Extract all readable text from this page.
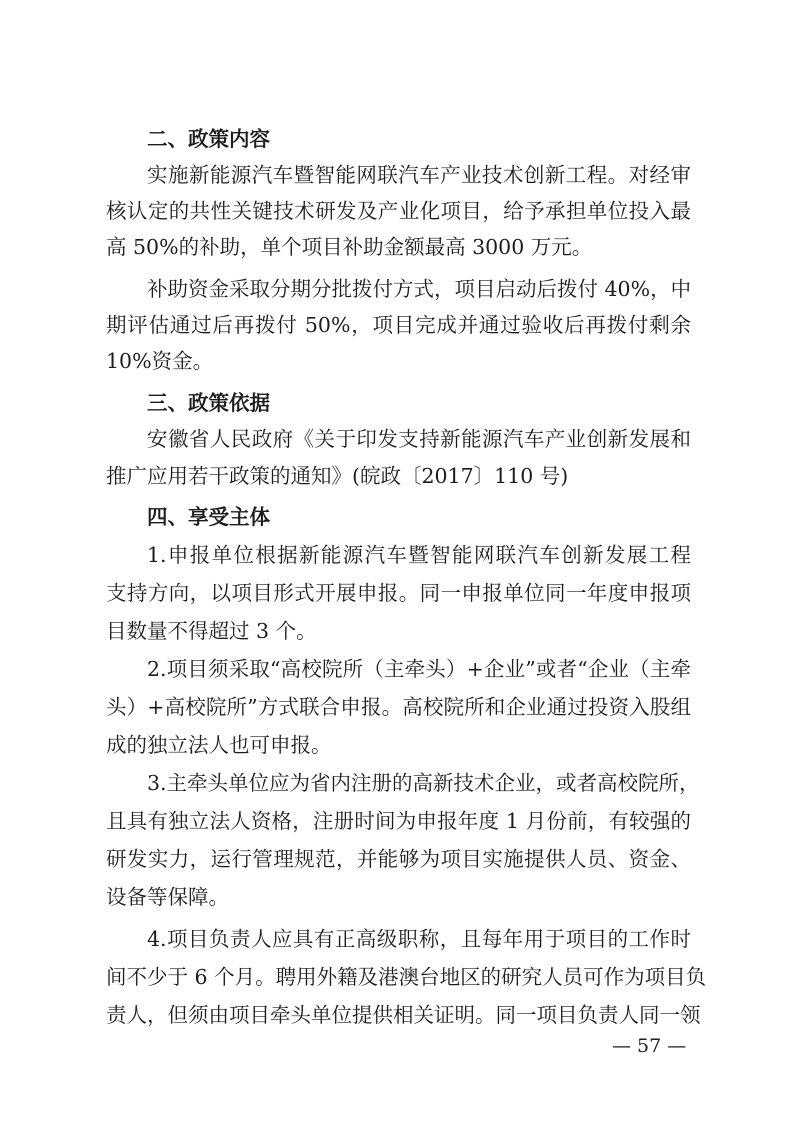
二、政策内容
实施新能源汽车暨智能网联汽车产业技术创新工程。对经审
核认定的共性关键技术研发及产业化项目，给予承担单位投入最
高 50%的补助，单个项目补助金额最高 3000 万元。
补助资金采取分期分批拨付方式，项目启动后拨付 40%，中
期评估通过后再拨付 50%，项目完成并通过验收后再拨付剩余
10%资金。
三、政策依据
安徽省人民政府《关于印发支持新能源汽车产业创新发展和
推广应用若干政策的通知》(皖政〔2017〕110 号)
四、享受主体
1.申报单位根据新能源汽车暨智能网联汽车创新发展工程
支持方向，以项目形式开展申报。同一申报单位同一年度申报项
目数量不得超过 3 个。
2.项目须采取“高校院所（主牵头）+企业”或者“企业（主牵
头）+高校院所”方式联合申报。高校院所和企业通过投资入股组
成的独立法人也可申报。
3.主牵头单位应为省内注册的高新技术企业，或者高校院所，
且具有独立法人资格，注册时间为申报年度 1 月份前，有较强的
研发实力，运行管理规范，并能够为项目实施提供人员、资金、
设备等保障。
4.项目负责人应具有正高级职称，且每年用于项目的工作时
间不少于 6 个月。聘用外籍及港澳台地区的研究人员可作为项目负
责人，但须由项目牵头单位提供相关证明。同一项目负责人同一领
— 57 —
